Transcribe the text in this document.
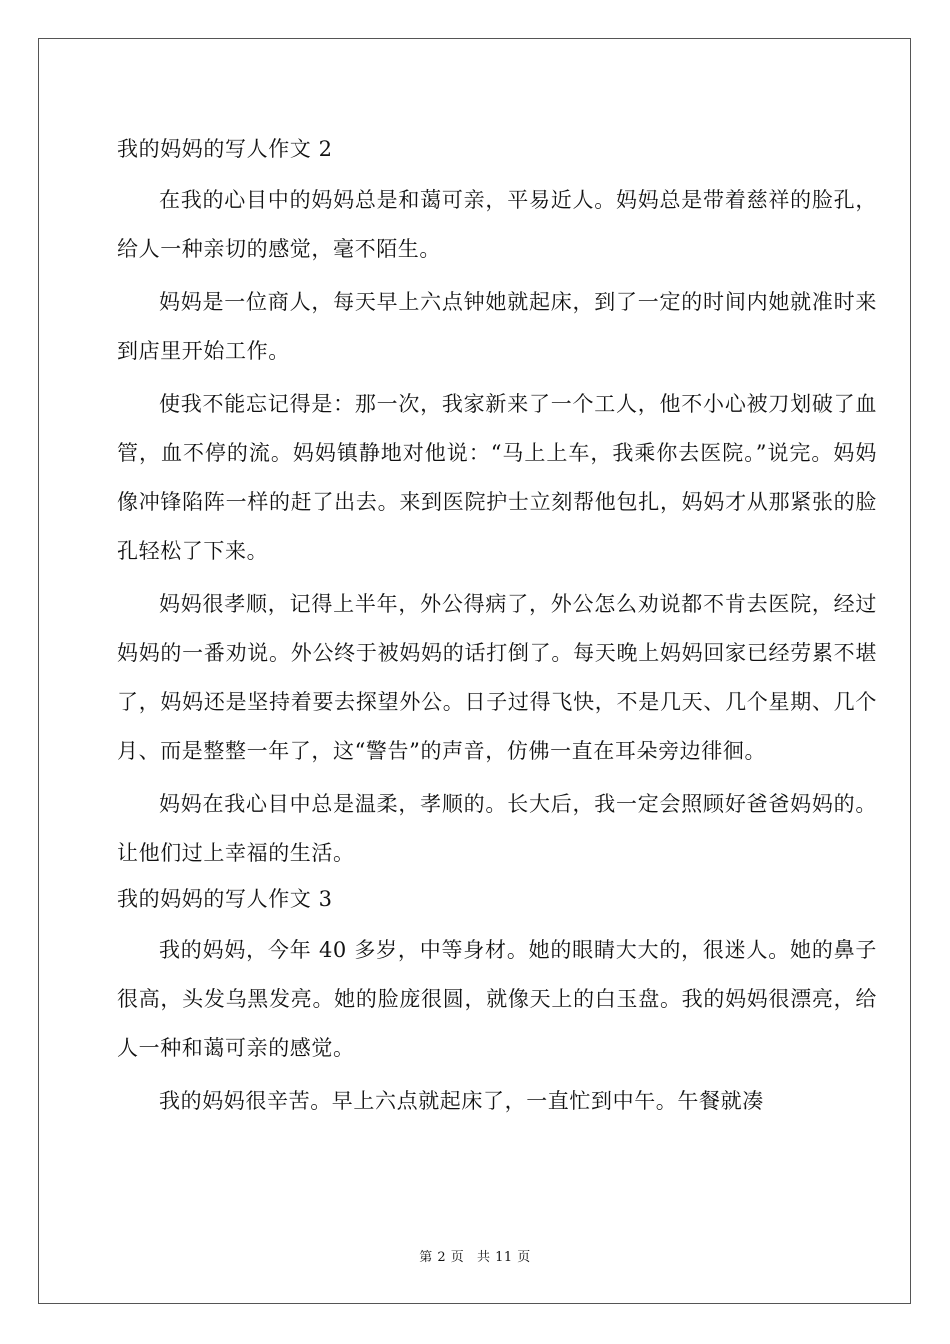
我的妈妈的写人作文 2

在我的心目中的妈妈总是和蔼可亲，平易近人。妈妈总是带着慈祥的脸孔，给人一种亲切的感觉，毫不陌生。

妈妈是一位商人，每天早上六点钟她就起床，到了一定的时间内她就准时来到店里开始工作。

使我不能忘记得是：那一次，我家新来了一个工人，他不小心被刀划破了血管，血不停的流。妈妈镇静地对他说：“马上上车，我乘你去医院。”说完。妈妈像冲锋陷阵一样的赶了出去。来到医院护士立刻帮他包扎，妈妈才从那紧张的脸孔轻松了下来。

妈妈很孝顺，记得上半年，外公得病了，外公怎么劝说都不肯去医院，经过妈妈的一番劝说。外公终于被妈妈的话打倒了。每天晚上妈妈回家已经劳累不堪了，妈妈还是坚持着要去探望外公。日子过得飞快，不是几天、几个星期、几个月、而是整整一年了，这“警告”的声音，仿佛一直在耳朵旁边徘徊。

妈妈在我心目中总是温柔，孝顺的。长大后，我一定会照顾好爸爸妈妈的。让他们过上幸福的生活。

我的妈妈的写人作文 3

我的妈妈，今年 40 多岁，中等身材。她的眼睛大大的，很迷人。她的鼻子很高，头发乌黑发亮。她的脸庞很圆，就像天上的白玉盘。我的妈妈很漂亮，给人一种和蔼可亲的感觉。

我的妈妈很辛苦。早上六点就起床了，一直忙到中午。午餐就凑

第 2 页 共 11 页
